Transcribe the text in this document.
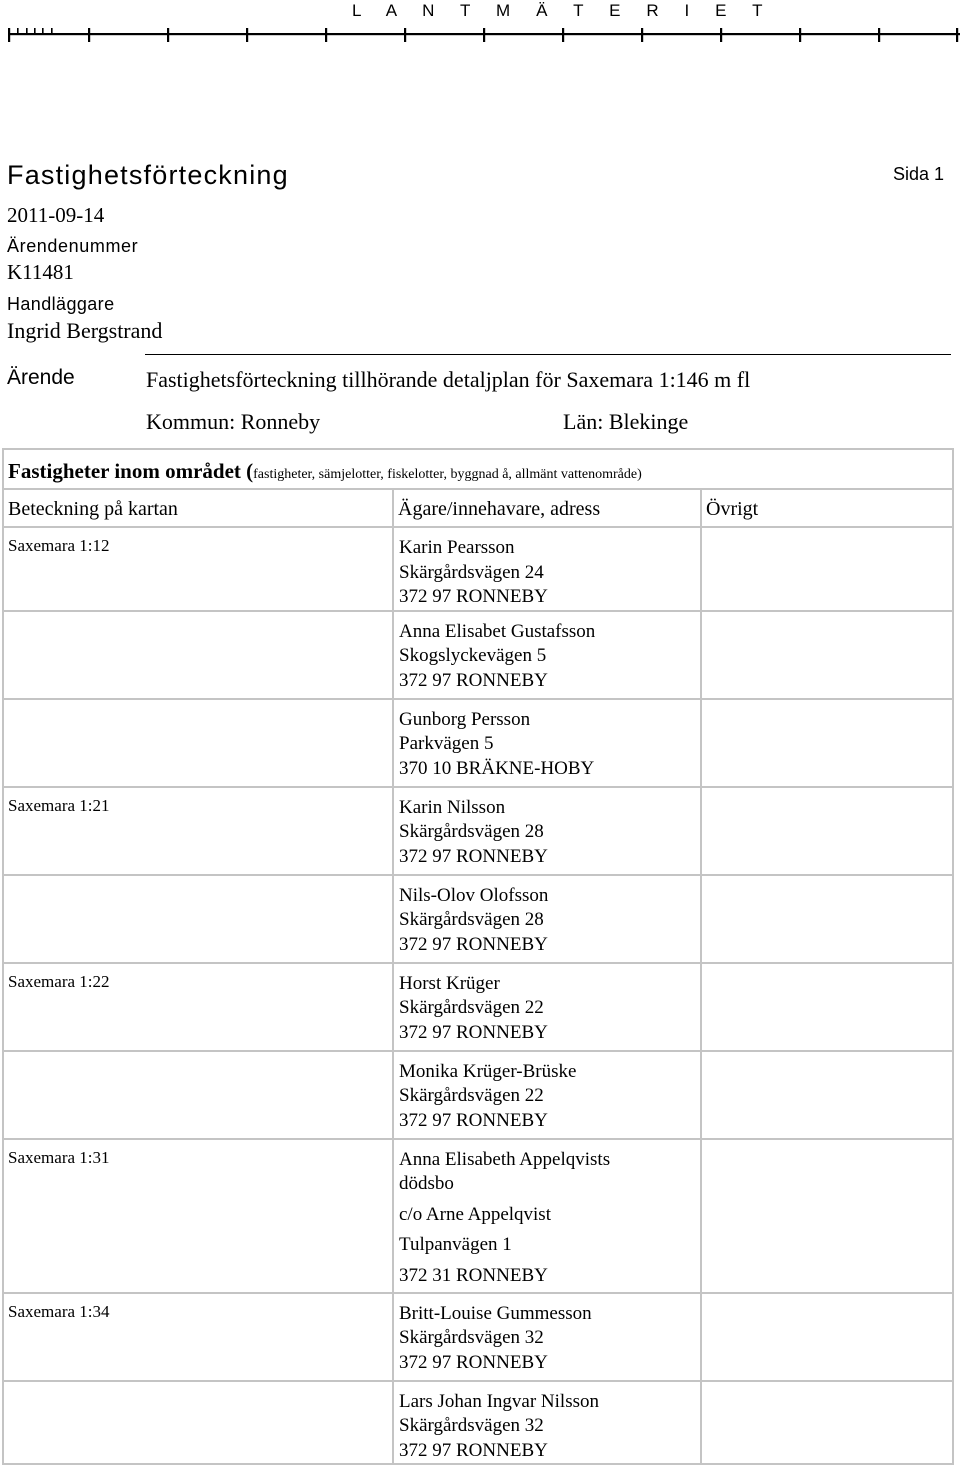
L A N T M Ä T E R I E T
Fastighetsförteckning	Sida 1
2011-09-14
Ärendenummer
K11481
Handläggare
Ingrid Bergstrand
Ärende	Fastighetsförteckning tillhörande detaljplan för Saxemara 1:146 m fl
Kommun: Ronneby	Län: Blekinge
Fastigheter inom området (fastigheter, sämjelotter, fiskelotter, byggnad å, allmänt vattenområde)		

Beteckning på kartan	Ägare/innehavare, adress	Övrigt

Saxemara 1:12	Karin Pearsson
Skärgårdsvägen 24
372 97 RONNEBY	

	Anna Elisabet Gustafsson
Skogslyckevägen 5
372 97 RONNEBY	

	Gunborg Persson
Parkvägen 5
370 10 BRÄKNE-HOBY	

Saxemara 1:21	Karin Nilsson
Skärgårdsvägen 28
372 97 RONNEBY	

	Nils-Olov Olofsson
Skärgårdsvägen 28
372 97 RONNEBY	

Saxemara 1:22	Horst Krüger
Skärgårdsvägen 22
372 97 RONNEBY	

	Monika Krüger-Brüske
Skärgårdsvägen 22
372 97 RONNEBY	

Saxemara 1:31	Anna Elisabeth Appelqvists
dödsbo
c/o Arne Appelqvist
Tulpanvägen 1
372 31 RONNEBY	

Saxemara 1:34	Britt-Louise Gummesson
Skärgårdsvägen 32
372 97 RONNEBY	

	Lars Johan Ingvar Nilsson
Skärgårdsvägen 32
372 97 RONNEBY	
